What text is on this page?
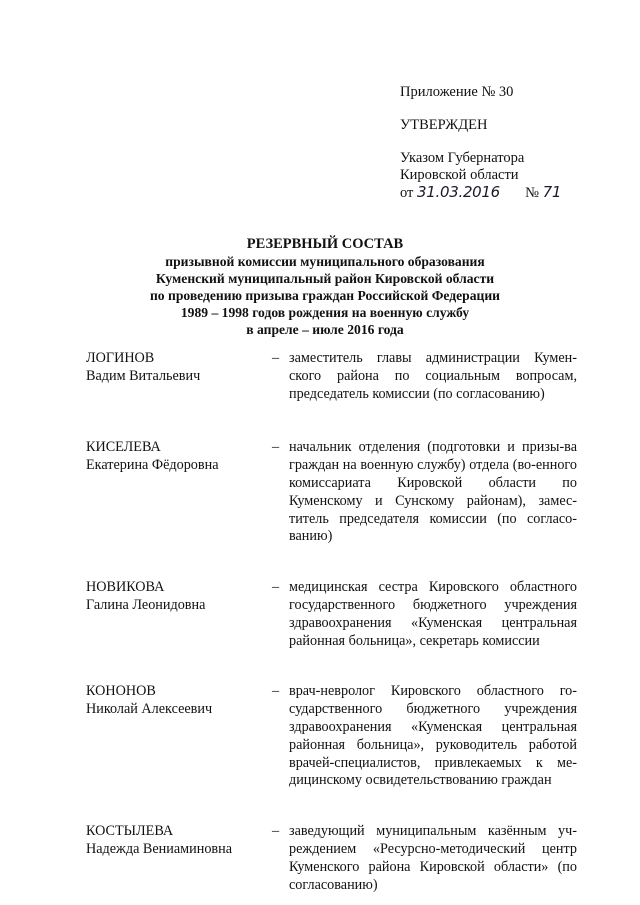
Приложение № 30
УТВЕРЖДЕН
Указом Губернатора
Кировской области
от 31.03.2016 № 71
РЕЗЕРВНЫЙ СОСТАВ
призывной комиссии муниципального образования
Куменский муниципальный район Кировской области
по проведению призыва граждан Российской Федерации
1989 – 1998 годов рождения на военную службу
в апреле – июле 2016 года
ЛОГИНОВ
Вадим Витальевич
– заместитель главы администрации Кумен-ского района по социальным вопросам, председатель комиссии (по согласованию)
КИСЕЛЕВА
Екатерина Фёдоровна
– начальник отделения (подготовки и призы-ва граждан на военную службу) отдела (во-енного комиссариата Кировской области по Куменскому и Сунскому районам), замес-титель председателя комиссии (по согласо-ванию)
НОВИКОВА
Галина Леонидовна
– медицинская сестра Кировского областного государственного бюджетного учреждения здравоохранения «Куменская центральная районная больница», секретарь комиссии
КОНОНОВ
Николай Алексеевич
– врач-невролог Кировского областного го-сударственного бюджетного учреждения здравоохранения «Куменская центральная районная больница», руководитель работой врачей-специалистов, привлекаемых к ме-дицинскому освидетельствованию граждан
КОСТЫЛЕВА
Надежда Вениаминовна
– заведующий муниципальным казённым уч-реждением «Ресурсно-методический центр Куменского района Кировской области» (по согласованию)
